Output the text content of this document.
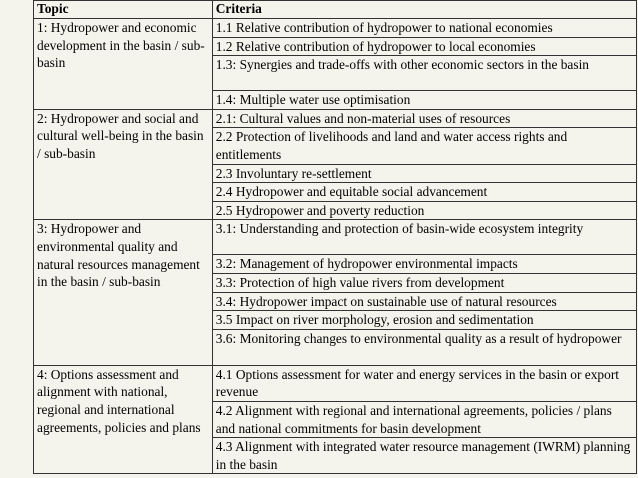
Topic	Criteria
1: Hydropower and economic development in the basin / sub-basin	1.1 Relative contribution of hydropower to national economies
	1.2 Relative contribution of hydropower to local economies
	1.3: Synergies and trade-offs with other economic sectors in the basin
	1.4: Multiple water use optimisation
2: Hydropower and social and cultural well-being in the basin / sub-basin	2.1: Cultural values and non-material uses of resources
	2.2 Protection of livelihoods and land and water access rights and entitlements
	2.3 Involuntary re-settlement
	2.4 Hydropower and equitable social advancement
	2.5 Hydropower and poverty reduction
3: Hydropower and environmental quality and natural resources management in the basin / sub-basin	3.1: Understanding and protection of basin-wide ecosystem integrity
	3.2: Management of hydropower environmental impacts
	3.3: Protection of high value rivers from development
	3.4: Hydropower impact on sustainable use of natural resources
	3.5 Impact on river morphology, erosion and sedimentation
	3.6: Monitoring changes to environmental quality as a result of hydropower
4: Options assessment and alignment with national, regional and international agreements, policies and plans	4.1 Options assessment for water and energy services in the basin or export revenue
	4.2 Alignment with regional and international agreements, policies / plans and national commitments for basin development
	4.3 Alignment with integrated water resource management (IWRM) planning in the basin
